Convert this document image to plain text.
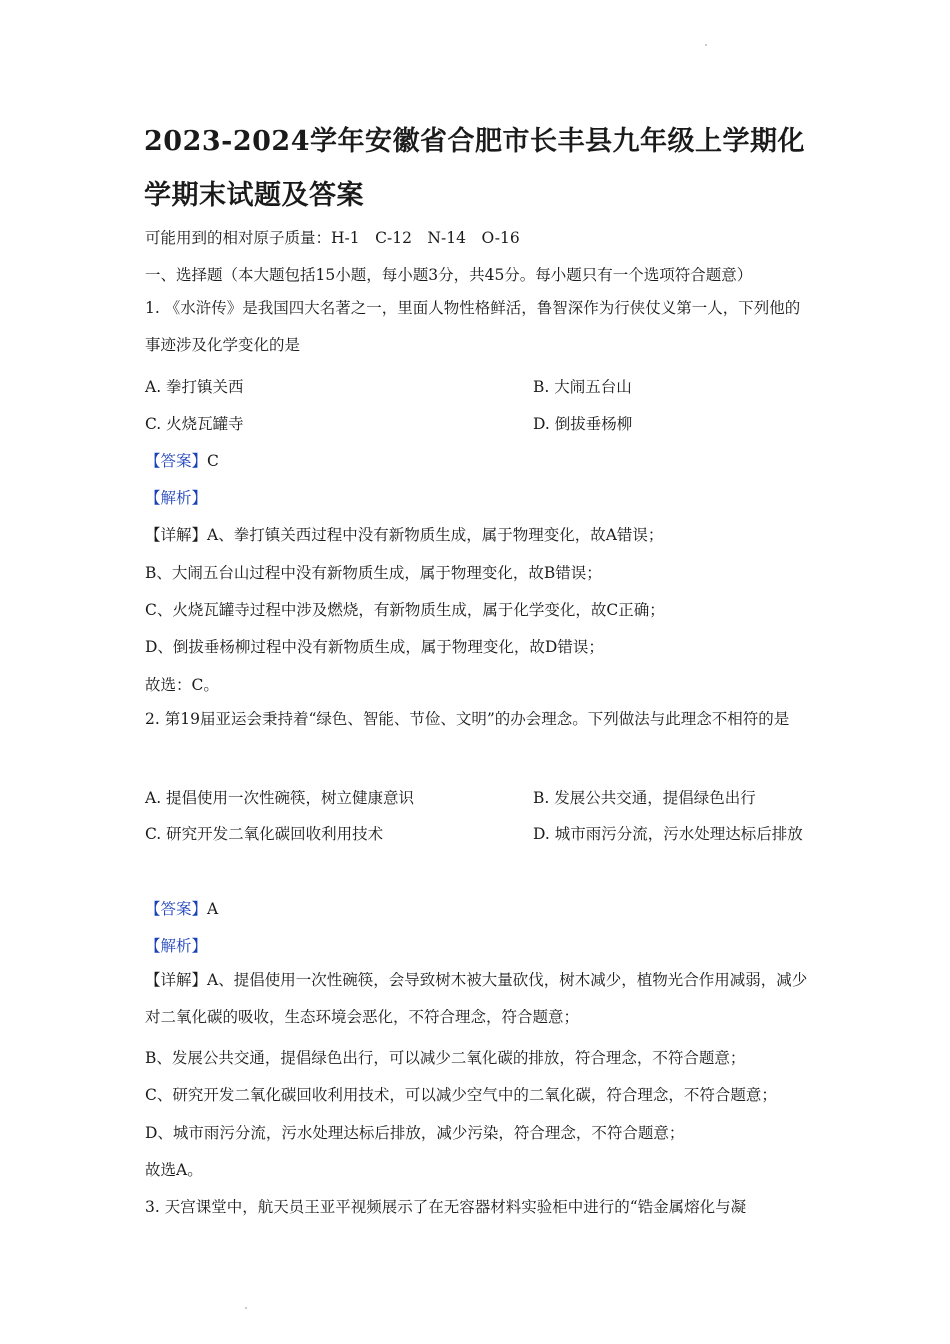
2023-2024学年安徽省合肥市长丰县九年级上学期化学期末试题及答案
可能用到的相对原子质量：H-1　C-12　N-14　O-16
一、选择题（本大题包括15小题，每小题3分，共45分。每小题只有一个选项符合题意）
1. 《水浒传》是我国四大名著之一，里面人物性格鲜活，鲁智深作为行侠仗义第一人，下列他的事迹涉及化学变化的是
A. 拳打镇关西	B. 大闹五台山
C. 火烧瓦罐寺	D. 倒拔垂杨柳
【答案】C
【解析】
【详解】A、拳打镇关西过程中没有新物质生成，属于物理变化，故A错误；
B、大闹五台山过程中没有新物质生成，属于物理变化，故B错误；
C、火烧瓦罐寺过程中涉及燃烧，有新物质生成，属于化学变化，故C正确；
D、倒拔垂杨柳过程中没有新物质生成，属于物理变化，故D错误；
故选：C。
2. 第19届亚运会秉持着“绿色、智能、节俭、文明”的办会理念。下列做法与此理念不相符的是
A. 提倡使用一次性碗筷，树立健康意识	B. 发展公共交通，提倡绿色出行
C. 研究开发二氧化碳回收利用技术	D. 城市雨污分流，污水处理达标后排放
【答案】A
【解析】
【详解】A、提倡使用一次性碗筷，会导致树木被大量砍伐，树木减少，植物光合作用减弱，减少对二氧化碳的吸收，生态环境会恶化，不符合理念，符合题意；
B、发展公共交通，提倡绿色出行，可以减少二氧化碳的排放，符合理念，不符合题意；
C、研究开发二氧化碳回收利用技术，可以减少空气中的二氧化碳，符合理念，不符合题意；
D、城市雨污分流，污水处理达标后排放，减少污染，符合理念，不符合题意；
故选A。
3. 天宫课堂中，航天员王亚平视频展示了在无容器材料实验柜中进行的“锆金属熔化与凝
